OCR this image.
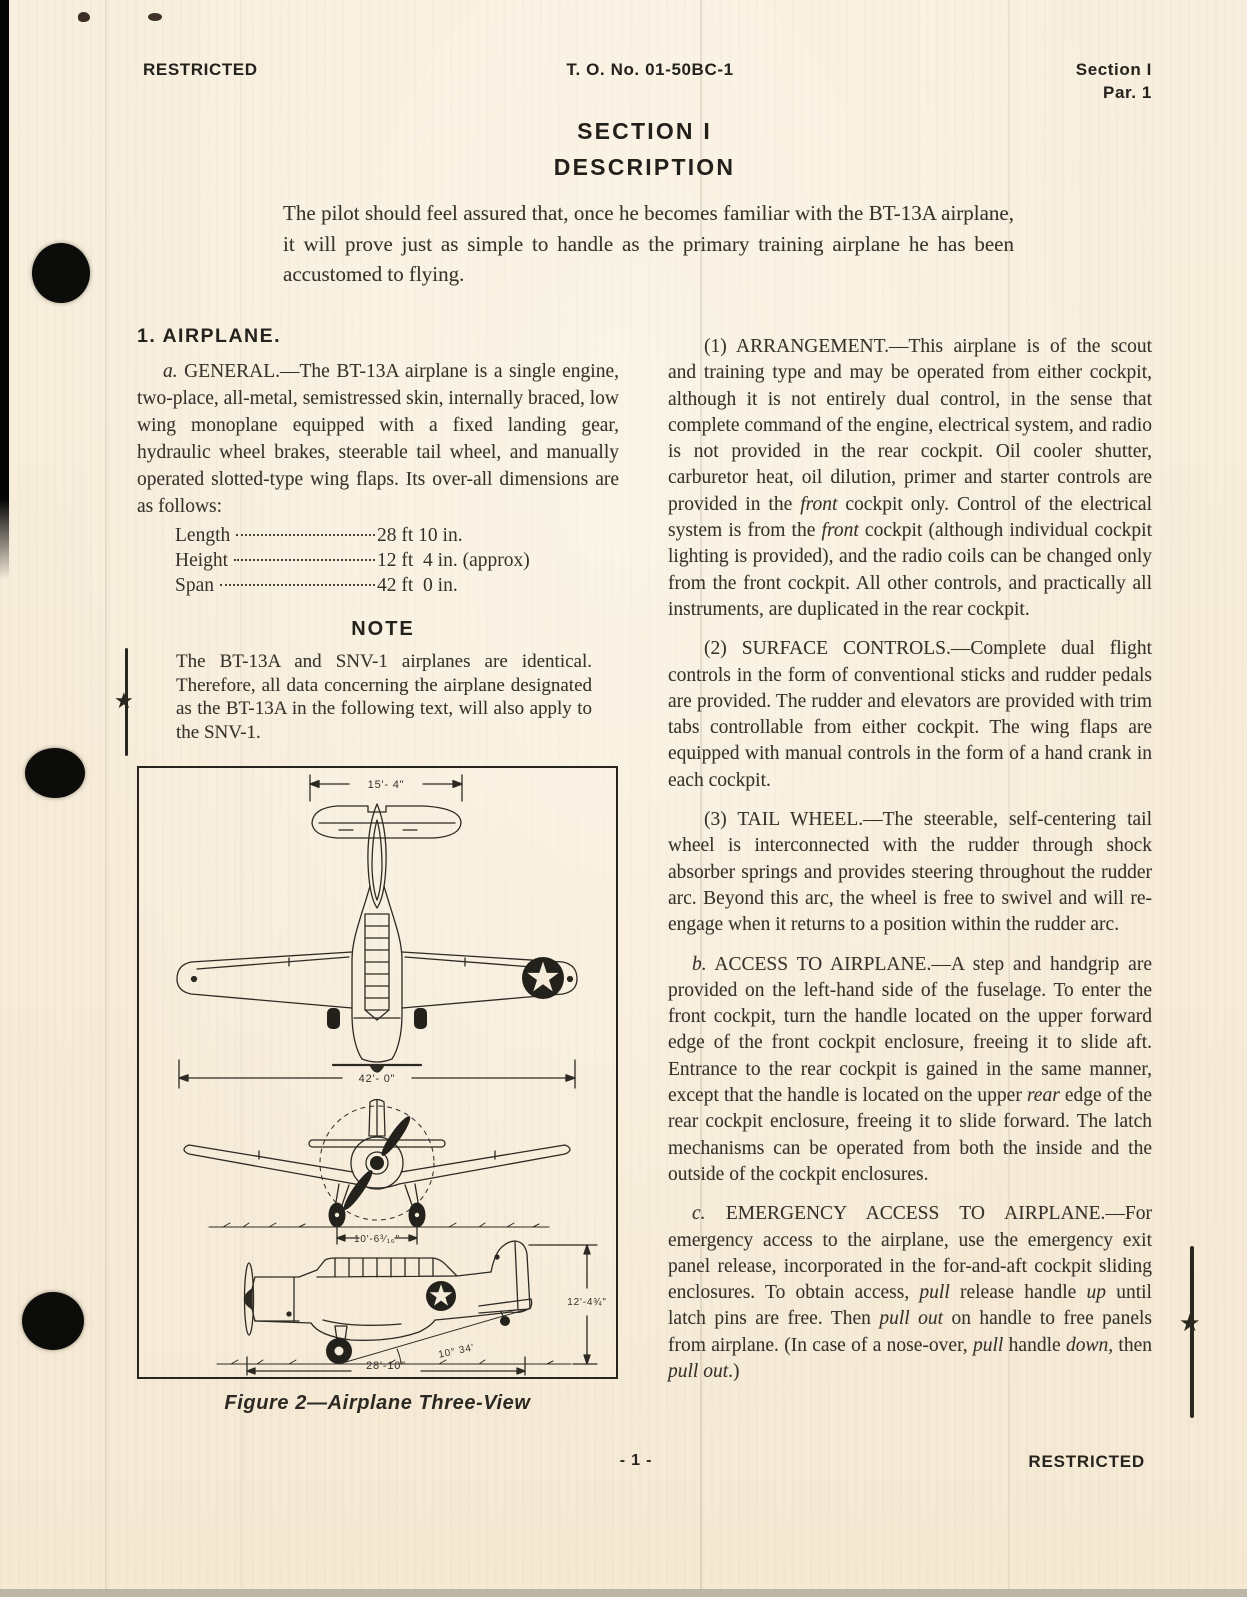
RESTRICTED	T. O. No. 01-50BC-1	Section I
Par. 1
SECTION I
DESCRIPTION
The pilot should feel assured that, once he becomes familiar with the BT-13A airplane, it will prove just as simple to handle as the primary training airplane he has been accustomed to flying.
1. AIRPLANE.
a. GENERAL.—The BT-13A airplane is a single engine, two-place, all-metal, semistressed skin, internally braced, low wing monoplane equipped with a fixed landing gear, hydraulic wheel brakes, steerable tail wheel, and manually operated slotted-type wing flaps. Its over-all dimensions are as follows:
Length	28 ft 10 in.
Height	12 ft  4 in. (approx)
Span	42 ft  0 in.
NOTE
The BT-13A and SNV-1 airplanes are identical. Therefore, all data concerning the airplane designated as the BT-13A in the following text, will also apply to the SNV-1.
★
15'- 4"
42'- 0"
10'-6³⁄₁₆"
12'-4¾"
10° 34'
28'-10"
Figure 2—Airplane Three-View

(1) ARRANGEMENT.—This airplane is of the scout and training type and may be operated from either cockpit, although it is not entirely dual control, in the sense that complete command of the engine, electrical system, and radio is not provided in the rear cockpit. Oil cooler shutter, carburetor heat, oil dilution, primer and starter controls are provided in the front cockpit only. Control of the electrical system is from the front cockpit (although individual cockpit lighting is provided), and the radio coils can be changed only from the front cockpit. All other controls, and practically all instruments, are duplicated in the rear cockpit.

(2) SURFACE CONTROLS.—Complete dual flight controls in the form of conventional sticks and rudder pedals are provided. The rudder and elevators are provided with trim tabs controllable from either cockpit. The wing flaps are equipped with manual controls in the form of a hand crank in each cockpit.

(3) TAIL WHEEL.—The steerable, self-centering tail wheel is interconnected with the rudder through shock absorber springs and provides steering throughout the rudder arc. Beyond this arc, the wheel is free to swivel and will re-engage when it returns to a position within the rudder arc.

b. ACCESS TO AIRPLANE.—A step and handgrip are provided on the left-hand side of the fuselage. To enter the front cockpit, turn the handle located on the upper forward edge of the front cockpit enclosure, freeing it to slide aft. Entrance to the rear cockpit is gained in the same manner, except that the handle is located on the upper rear edge of the rear cockpit enclosure, freeing it to slide forward. The latch mechanisms can be operated from both the inside and the outside of the cockpit enclosures.

c. EMERGENCY ACCESS TO AIRPLANE.—For emergency access to the airplane, use the emergency exit panel release, incorporated in the for-and-aft cockpit sliding enclosures. To obtain access, pull release handle up until latch pins are free. Then pull out on handle to free panels from airplane. (In case of a nose-over, pull handle down, then pull out.)

★
- 1 -	RESTRICTED
